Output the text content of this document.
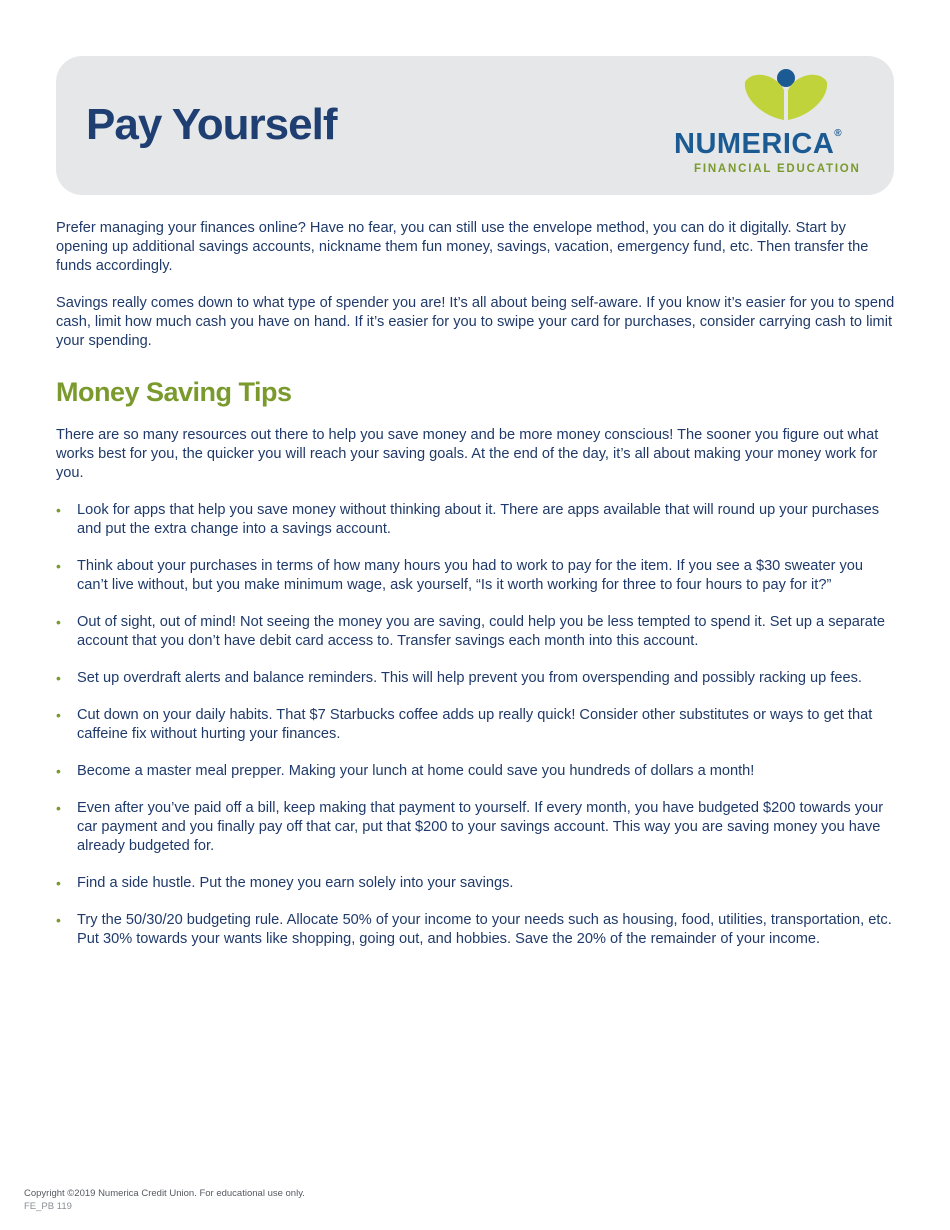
Pay Yourself	NUMERICA®
FINANCIAL EDUCATION

Prefer managing your finances online? Have no fear, you can still use the envelope method, you can do it digitally. Start by opening up additional savings accounts, nickname them fun money, savings, vacation, emergency fund, etc. Then transfer the funds accordingly.

Savings really comes down to what type of spender you are! It’s all about being self-aware. If you know it’s easier for you to spend cash, limit how much cash you have on hand. If it’s easier for you to swipe your card for purchases, consider carrying cash to limit your spending.

Money Saving Tips

There are so many resources out there to help you save money and be more money conscious! The sooner you figure out what works best for you, the quicker you will reach your saving goals. At the end of the day, it’s all about making your money work for you.

• Look for apps that help you save money without thinking about it. There are apps available that will round up your purchases and put the extra change into a savings account.
• Think about your purchases in terms of how many hours you had to work to pay for the item. If you see a $30 sweater you can’t live without, but you make minimum wage, ask yourself, “Is it worth working for three to four hours to pay for it?”
• Out of sight, out of mind! Not seeing the money you are saving, could help you be less tempted to spend it. Set up a separate account that you don’t have debit card access to. Transfer savings each month into this account.
• Set up overdraft alerts and balance reminders. This will help prevent you from overspending and possibly racking up fees.
• Cut down on your daily habits. That $7 Starbucks coffee adds up really quick! Consider other substitutes or ways to get that caffeine fix without hurting your finances.
• Become a master meal prepper. Making your lunch at home could save you hundreds of dollars a month!
• Even after you’ve paid off a bill, keep making that payment to yourself. If every month, you have budgeted $200 towards your car payment and you finally pay off that car, put that $200 to your savings account. This way you are saving money you have already budgeted for.
• Find a side hustle. Put the money you earn solely into your savings.
• Try the 50/30/20 budgeting rule. Allocate 50% of your income to your needs such as housing, food, utilities, transportation, etc. Put 30% towards your wants like shopping, going out, and hobbies. Save the 20% of the remainder of your income.
Copyright ©2019 Numerica Credit Union. For educational use only.
FE_PB 119
